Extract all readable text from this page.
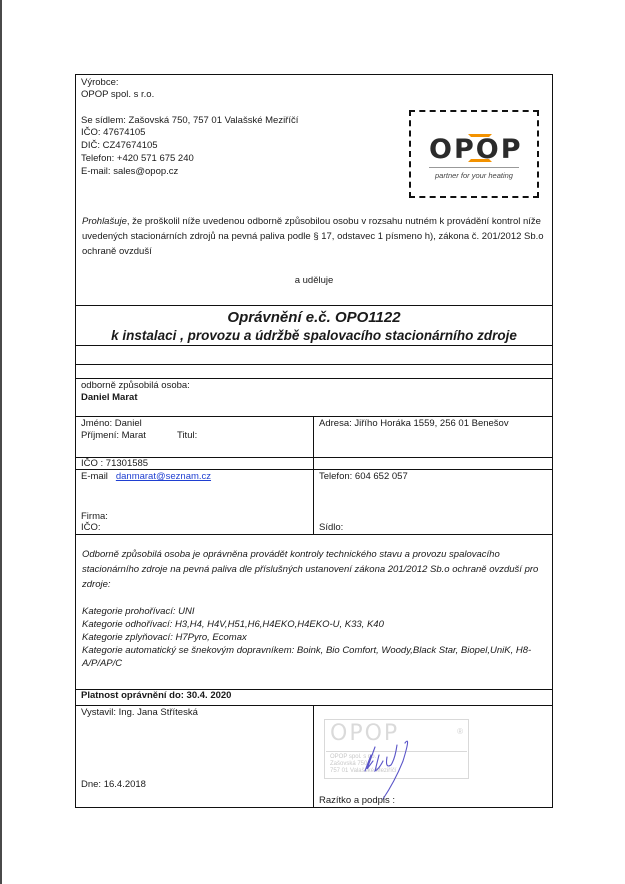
Výrobce:
OPOP spol. s r.o.
Se sídlem: Zašovská 750, 757 01 Valašské Meziříčí
IČO: 47674105
DIČ: CZ47674105
Telefon: +420 571 675 240
E-mail: sales@opop.cz
OPOP
partner for your heating
Prohlašuje, že proškolil níže uvedenou odborně způsobilou osobu v rozsahu nutném k provádění kontrol níže uvedených stacionárních zdrojů na pevná paliva podle § 17, odstavec 1 písmeno h), zákona č. 201/2012 Sb.o ochraně ovzduší
a uděluje
Oprávnění e.č. OPO1122
k instalaci , provozu a údržbě spalovacího stacionárního zdroje
odborně způsobilá osoba:
Daniel Marat
Jméno: Daniel
Příjmení: Marat	Titul:
Adresa: Jiřího Horáka 1559, 256 01 Benešov
IČO : 71301585
E-mail danmarat@seznam.cz	Telefon: 604 652 057
Firma:
IČO:	Sídlo:
Odborně způsobilá osoba je oprávněna provádět kontroly technického stavu a provozu spalovacího stacionárního zdroje na pevná paliva dle příslušných ustanovení zákona 201/2012 Sb.o ochraně ovzduší pro zdroje:
Kategorie prohořívací: UNI
Kategorie odhořívací: H3,H4, H4V,H51,H6,H4EKO,H4EKO-U, K33, K40
Kategorie zplyňovací: H7Pyro, Ecomax
Kategorie automatický se šnekovým dopravníkem: Boink, Bio Comfort, Woody,Black Star, Biopel,UniK, H8-A/P/AP/C
Platnost oprávnění do: 30.4. 2020
Vystavil: Ing. Jana Stříteská
Dne: 16.4.2018
OPOP	®
OPOP spol. s r.o.
Zašovská 750
757 01 Valašské Meziříčí
Razítko a podpis :
